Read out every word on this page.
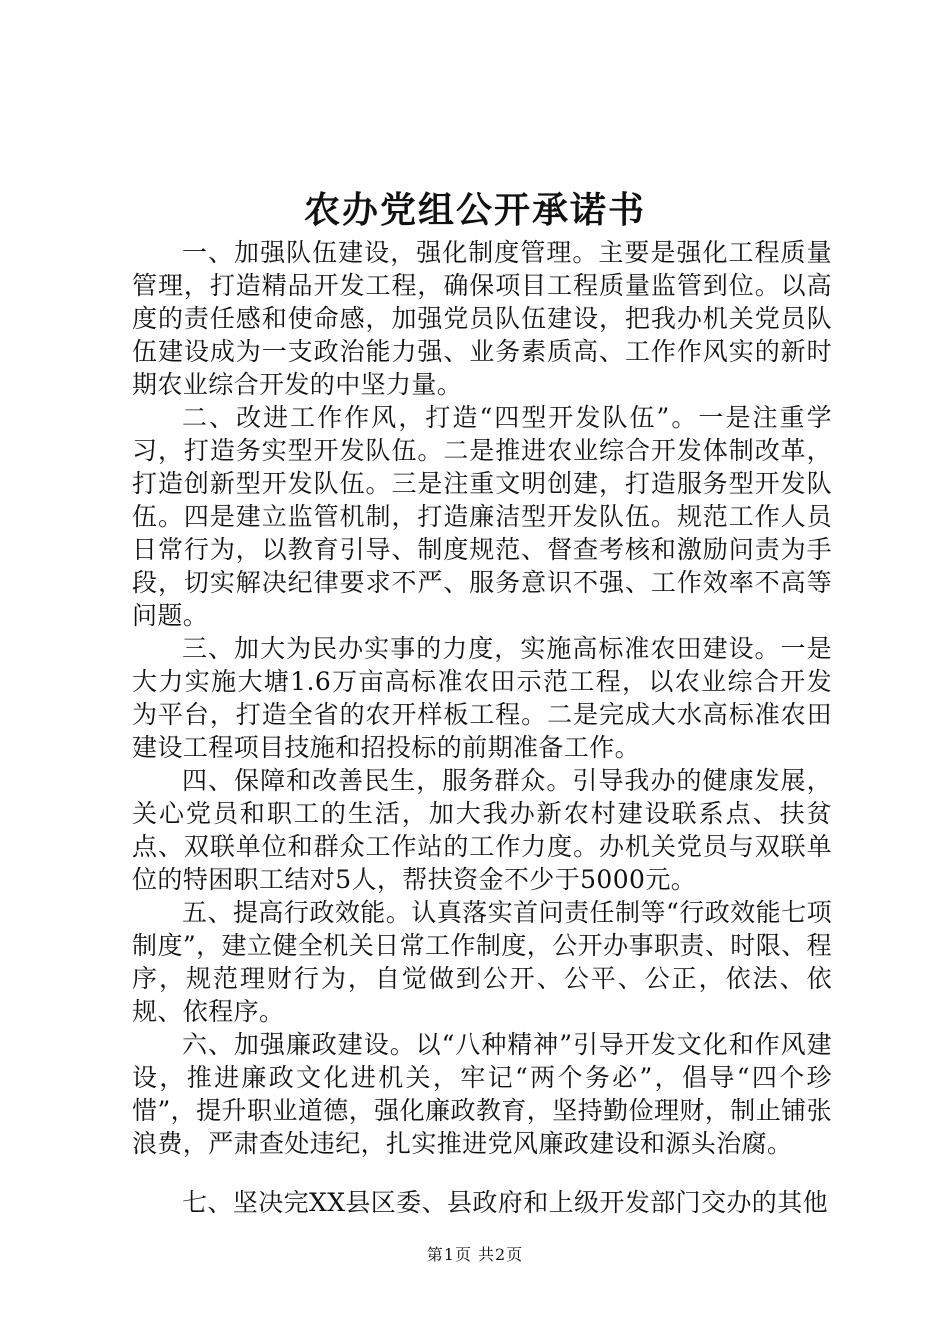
农办党组公开承诺书

一、加强队伍建设，强化制度管理。主要是强化工程质量管理，打造精品开发工程，确保项目工程质量监管到位。以高度的责任感和使命感，加强党员队伍建设，把我办机关党员队伍建设成为一支政治能力强、业务素质高、工作作风实的新时期农业综合开发的中坚力量。

二、改进工作作风，打造“四型开发队伍”。一是注重学习，打造务实型开发队伍。二是推进农业综合开发体制改革，打造创新型开发队伍。三是注重文明创建，打造服务型开发队伍。四是建立监管机制，打造廉洁型开发队伍。规范工作人员日常行为，以教育引导、制度规范、督查考核和激励问责为手段，切实解决纪律要求不严、服务意识不强、工作效率不高等问题。

三、加大为民办实事的力度，实施高标准农田建设。一是大力实施大塘1.6万亩高标准农田示范工程，以农业综合开发为平台，打造全省的农开样板工程。二是完成大水高标准农田建设工程项目技施和招投标的前期准备工作。

四、保障和改善民生，服务群众。引导我办的健康发展，关心党员和职工的生活，加大我办新农村建设联系点、扶贫点、双联单位和群众工作站的工作力度。办机关党员与双联单位的特困职工结对5人，帮扶资金不少于5000元。

五、提高行政效能。认真落实首问责任制等“行政效能七项制度”，建立健全机关日常工作制度，公开办事职责、时限、程序，规范理财行为，自觉做到公开、公平、公正，依法、依规、依程序。

六、加强廉政建设。以“八种精神”引导开发文化和作风建设，推进廉政文化进机关，牢记“两个务必”，倡导“四个珍惜”，提升职业道德，强化廉政教育，坚持勤俭理财，制止铺张浪费，严肃查处违纪，扎实推进党风廉政建设和源头治腐。

七、坚决完XX县区委、县政府和上级开发部门交办的其他

第1页 共2页
